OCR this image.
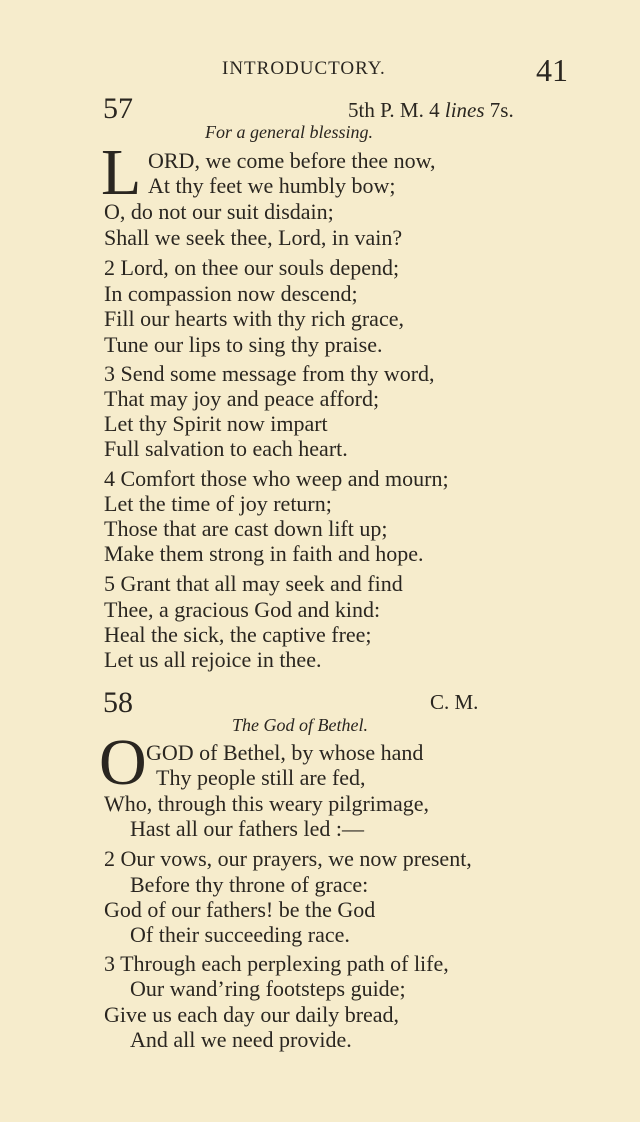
INTRODUCTORY.	41
57	5th P. M. 4 lines 7s.
For a general blessing.
L ORD, we come before thee now,
At thy feet we humbly bow;
O, do not our suit disdain;
Shall we seek thee, Lord, in vain?
2 Lord, on thee our souls depend;
In compassion now descend;
Fill our hearts with thy rich grace,
Tune our lips to sing thy praise.
3 Send some message from thy word,
That may joy and peace afford;
Let thy Spirit now impart
Full salvation to each heart.
4 Comfort those who weep and mourn;
Let the time of joy return;
Those that are cast down lift up;
Make them strong in faith and hope.
5 Grant that all may seek and find
Thee, a gracious God and kind:
Heal the sick, the captive free;
Let us all rejoice in thee.
58	C. M.
The God of Bethel.
O GOD of Bethel, by whose hand
Thy people still are fed,
Who, through this weary pilgrimage,
Hast all our fathers led :—
2 Our vows, our prayers, we now present,
Before thy throne of grace:
God of our fathers! be the God
Of their succeeding race.
3 Through each perplexing path of life,
Our wand’ring footsteps guide;
Give us each day our daily bread,
And all we need provide.
